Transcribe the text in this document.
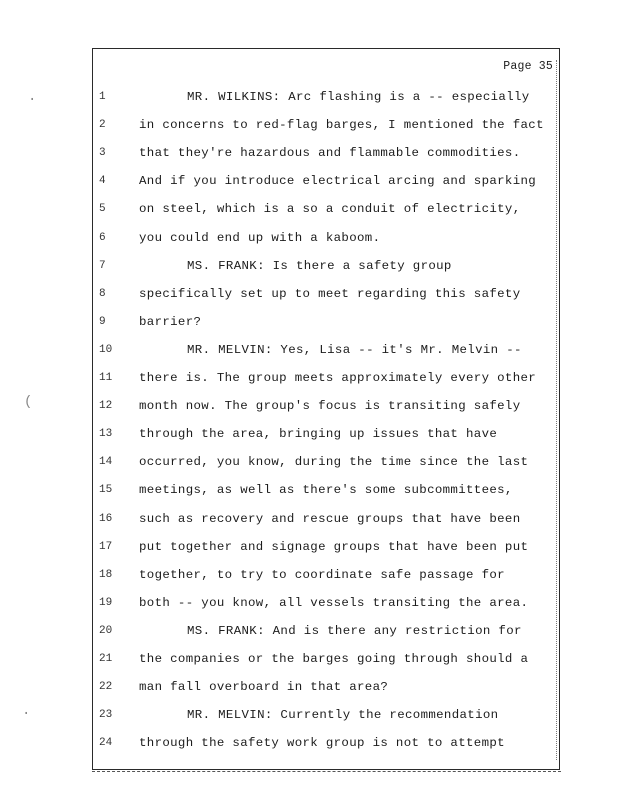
Page 35
1	MR. WILKINS: Arc flashing is a -- especially
2	in concerns to red-flag barges, I mentioned the fact
3	that they're hazardous and flammable commodities.
4	And if you introduce electrical arcing and sparking
5	on steel, which is a so a conduit of electricity,
6	you could end up with a kaboom.
7	MS. FRANK: Is there a safety group
8	specifically set up to meet regarding this safety
9	barrier?
10	MR. MELVIN: Yes, Lisa -- it's Mr. Melvin --
11	there is. The group meets approximately every other
12	month now. The group's focus is transiting safely
13	through the area, bringing up issues that have
14	occurred, you know, during the time since the last
15	meetings, as well as there's some subcommittees,
16	such as recovery and rescue groups that have been
17	put together and signage groups that have been put
18	together, to try to coordinate safe passage for
19	both -- you know, all vessels transiting the area.
20	MS. FRANK: And is there any restriction for
21	the companies or the barges going through should a
22	man fall overboard in that area?
23	MR. MELVIN: Currently the recommendation
24	through the safety work group is not to attempt
·
(
·
